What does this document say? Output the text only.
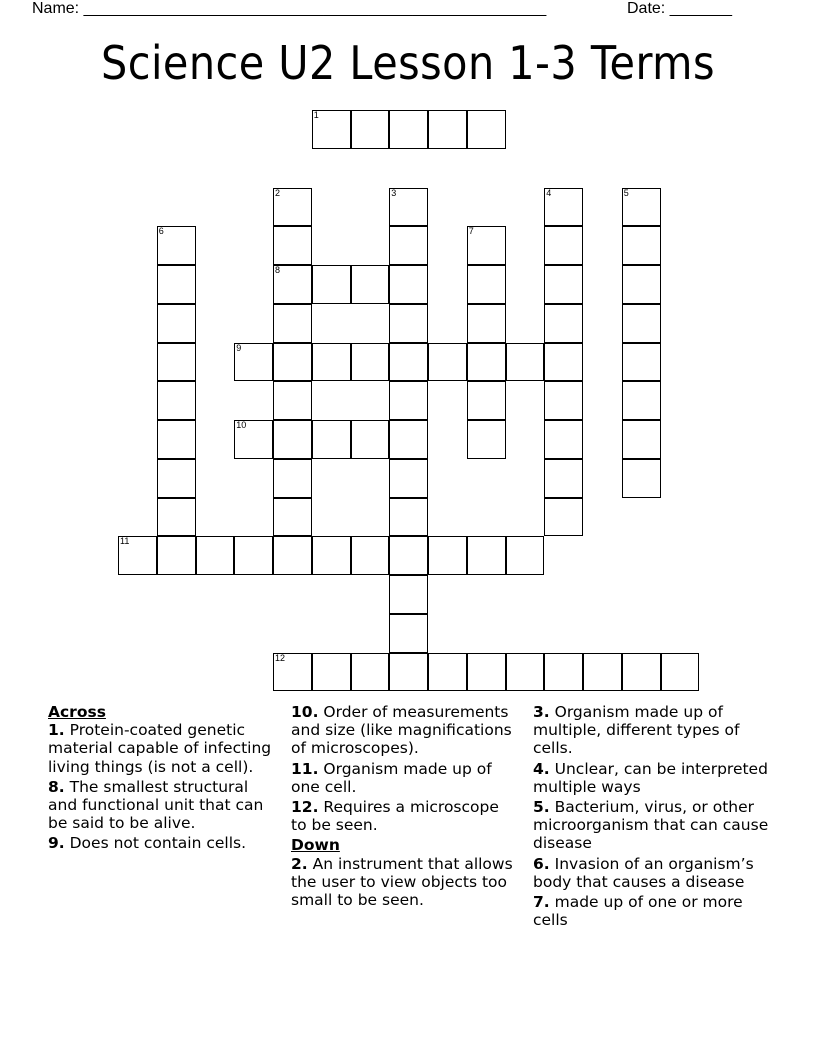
Name: ____________________________________________________	Date: _______
Science U2 Lesson 1-3 Terms
1
8
9
10
11
12
2	3	4	5
6	7
Across
1. Protein-coated genetic material capable of infecting living things (is not a cell).
8. The smallest structural and functional unit that can be said to be alive.
9. Does not contain cells.
10. Order of measurements and size (like magnifications of microscopes).
11. Organism made up of one cell.
12. Requires a microscope to be seen.
Down
2. An instrument that allows the user to view objects too small to be seen.
3. Organism made up of multiple, different types of cells.
4. Unclear, can be interpreted multiple ways
5. Bacterium, virus, or other microorganism that can cause disease
6. Invasion of an organism’s body that causes a disease
7. made up of one or more cells
